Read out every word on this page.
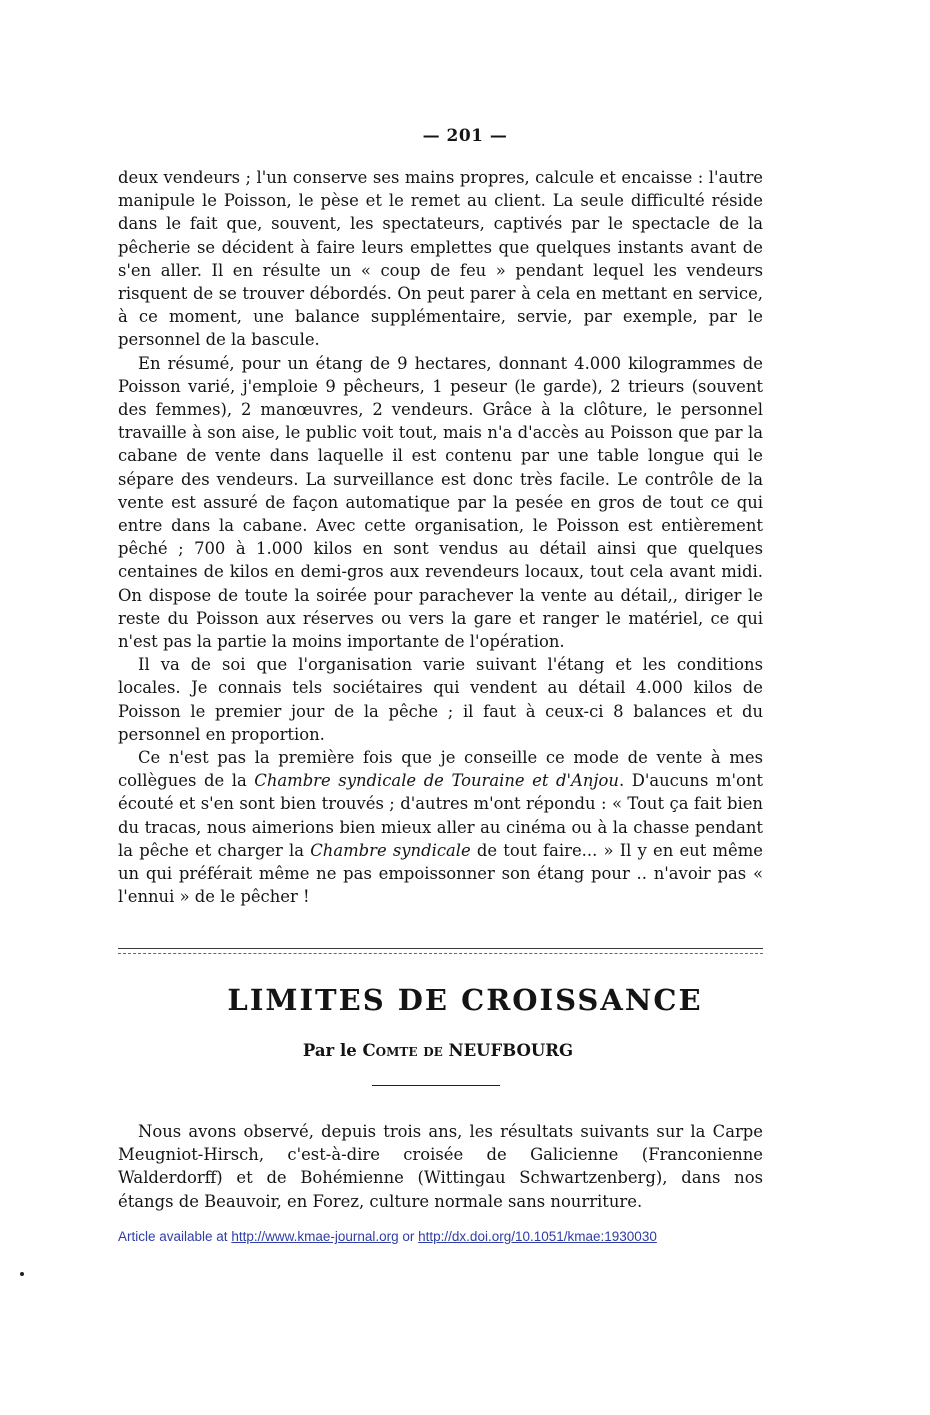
— 201 —

deux vendeurs ; l'un conserve ses mains propres, calcule et encaisse : l'autre manipule le Poisson, le pèse et le remet au client. La seule difficulté réside dans le fait que, souvent, les spectateurs, captivés par le spectacle de la pêcherie se décident à faire leurs emplettes que quelques instants avant de s'en aller. Il en résulte un « coup de feu » pendant lequel les vendeurs risquent de se trouver débordés. On peut parer à cela en mettant en service, à ce moment, une balance supplémentaire, servie, par exemple, par le personnel de la bascule.

En résumé, pour un étang de 9 hectares, donnant 4.000 kilogrammes de Poisson varié, j'emploie 9 pêcheurs, 1 peseur (le garde), 2 trieurs (souvent des femmes), 2 manœuvres, 2 vendeurs. Grâce à la clôture, le personnel travaille à son aise, le public voit tout, mais n'a d'accès au Poisson que par la cabane de vente dans laquelle il est contenu par une table longue qui le sépare des vendeurs. La surveillance est donc très facile. Le contrôle de la vente est assuré de façon automatique par la pesée en gros de tout ce qui entre dans la cabane. Avec cette organisation, le Poisson est entièrement pêché ; 700 à 1.000 kilos en sont vendus au détail ainsi que quelques centaines de kilos en demi-gros aux revendeurs locaux, tout cela avant midi. On dispose de toute la soirée pour parachever la vente au détail,, diriger le reste du Poisson aux réserves ou vers la gare et ranger le matériel, ce qui n'est pas la partie la moins importante de l'opération.

Il va de soi que l'organisation varie suivant l'étang et les conditions locales. Je connais tels sociétaires qui vendent au détail 4.000 kilos de Poisson le premier jour de la pêche ; il faut à ceux-ci 8 balances et du personnel en proportion.

Ce n'est pas la première fois que je conseille ce mode de vente à mes collègues de la Chambre syndicale de Touraine et d'Anjou. D'aucuns m'ont écouté et s'en sont bien trouvés ; d'autres m'ont répondu : « Tout ça fait bien du tracas, nous aimerions bien mieux aller au cinéma ou à la chasse pendant la pêche et charger la Chambre syndicale de tout faire... » Il y en eut même un qui préférait même ne pas empoissonner son étang pour .. n'avoir pas « l'ennui » de le pêcher !

LIMITES DE CROISSANCE
Par le Comte de NEUFBOURG

Nous avons observé, depuis trois ans, les résultats suivants sur la Carpe Meugniot-Hirsch, c'est-à-dire croisée de Galicienne (Franconienne Walderdorff) et de Bohémienne (Wittingau Schwartzenberg), dans nos étangs de Beauvoir, en Forez, culture normale sans nourriture.

Article available at http://www.kmae-journal.org or http://dx.doi.org/10.1051/kmae:1930030
